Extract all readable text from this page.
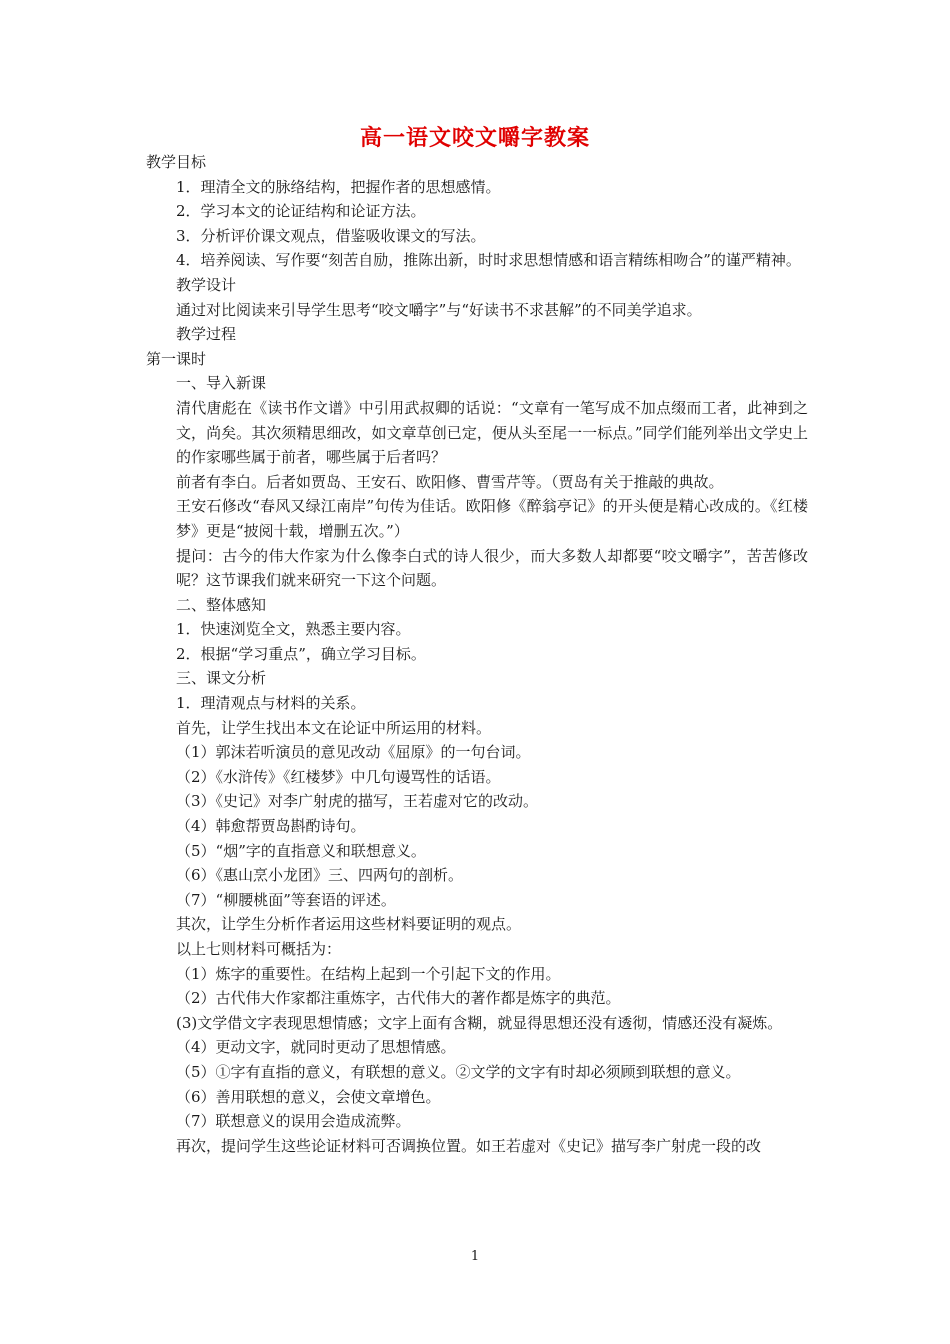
高一语文咬文嚼字教案

教学目标

1．理清全文的脉络结构，把握作者的思想感情。

2．学习本文的论证结构和论证方法。

3．分析评价课文观点，借鉴吸收课文的写法。

4．培养阅读、写作要“刻苦自励，推陈出新，时时求思想情感和语言精练相吻合”的谨严精神。

教学设计

通过对比阅读来引导学生思考“咬文嚼字”与“好读书不求甚解”的不同美学追求。

教学过程

第一课时

一、导入新课

清代唐彪在《读书作文谱》中引用武叔卿的话说：“文章有一笔写成不加点缀而工者，此神到之文，尚矣。其次须精思细改，如文章草创已定，便从头至尾一一标点。”同学们能列举出文学史上的作家哪些属于前者，哪些属于后者吗？

前者有李白。后者如贾岛、王安石、欧阳修、曹雪芹等。（贾岛有关于推敲的典故。

王安石修改“春风又绿江南岸”句传为佳话。欧阳修《醉翁亭记》的开头便是精心改成的。《红楼梦》更是“披阅十载，增删五次。”）

提问：古今的伟大作家为什么像李白式的诗人很少，而大多数人却都要“咬文嚼字”，苦苦修改呢？这节课我们就来研究一下这个问题。

二、整体感知

1．快速浏览全文，熟悉主要内容。

2．根据“学习重点”，确立学习目标。

三、课文分析

1．理清观点与材料的关系。

首先，让学生找出本文在论证中所运用的材料。

（1）郭沫若听演员的意见改动《屈原》的一句台词。

（2）《水浒传》《红楼梦》中几句谩骂性的话语。

（3）《史记》对李广射虎的描写，王若虚对它的改动。

（4）韩愈帮贾岛斟酌诗句。

（5）“烟”字的直指意义和联想意义。

（6）《惠山烹小龙团》三、四两句的剖析。

（7）“柳腰桃面”等套语的评述。

其次，让学生分析作者运用这些材料要证明的观点。

以上七则材料可概括为：

（1）炼字的重要性。在结构上起到一个引起下文的作用。

（2）古代伟大作家都注重炼字，古代伟大的著作都是炼字的典范。

(3)文学借文字表现思想情感；文字上面有含糊，就显得思想还没有透彻，情感还没有凝炼。

（4）更动文字，就同时更动了思想情感。

（5）①字有直指的意义，有联想的意义。②文学的文字有时却必须顾到联想的意义。

（6）善用联想的意义，会使文章增色。

（7）联想意义的误用会造成流弊。

再次，提问学生这些论证材料可否调换位置。如王若虚对《史记》描写李广射虎一段的改

1
